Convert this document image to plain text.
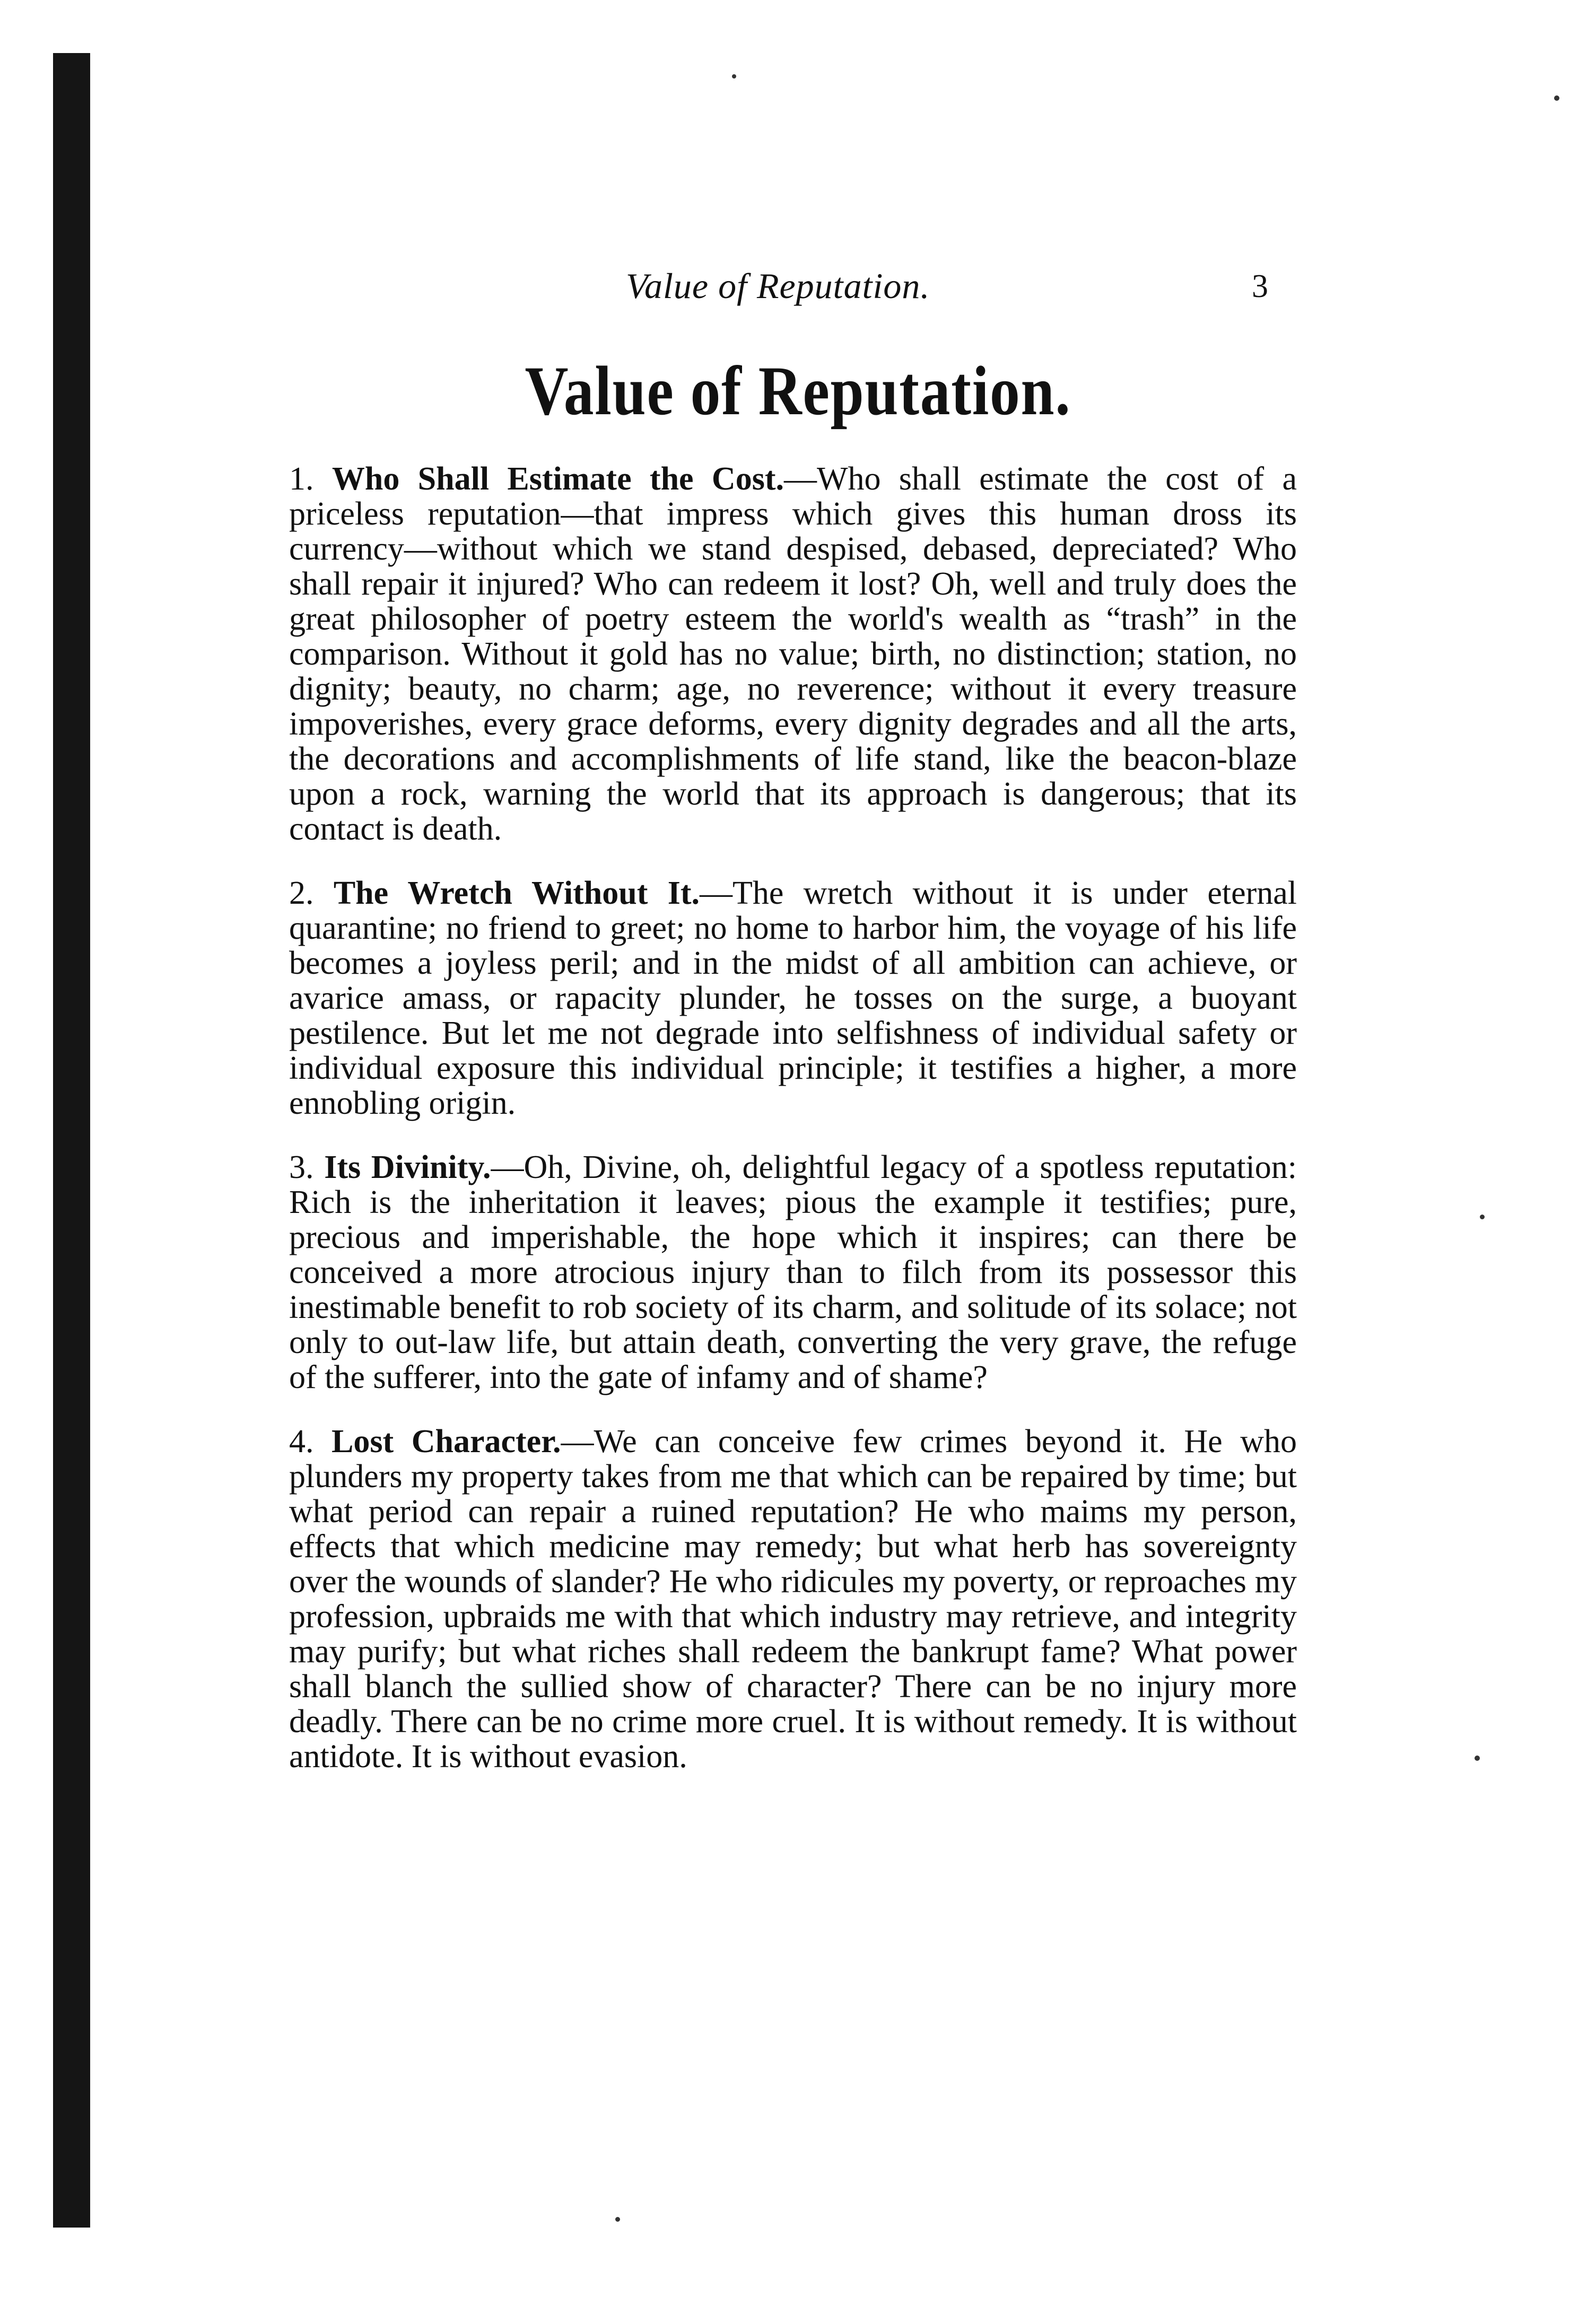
Value of Reputation.	3
Value of Reputation.

1. Who Shall Estimate the Cost.—Who shall estimate the cost of a priceless reputation—that impress which gives this human dross its currency—without which we stand despised, debased, depreciated? Who shall repair it injured? Who can redeem it lost? Oh, well and truly does the great philosopher of poetry esteem the world's wealth as “trash” in the comparison. Without it gold has no value; birth, no distinction; station, no dignity; beauty, no charm; age, no reverence; without it every treasure impoverishes, every grace deforms, every dignity degrades and all the arts, the decorations and accomplishments of life stand, like the beacon-blaze upon a rock, warning the world that its approach is dangerous; that its contact is death.

2. The Wretch Without It.—The wretch without it is under eternal quarantine; no friend to greet; no home to harbor him, the voyage of his life becomes a joyless peril; and in the midst of all ambition can achieve, or avarice amass, or rapacity plunder, he tosses on the surge, a buoyant pestilence. But let me not degrade into selfishness of individual safety or individual exposure this individual principle; it testifies a higher, a more ennobling origin.

3. Its Divinity.—Oh, Divine, oh, delightful legacy of a spotless reputation: Rich is the inheritation it leaves; pious the example it testifies; pure, precious and imperishable, the hope which it inspires; can there be conceived a more atrocious injury than to filch from its possessor this inestimable benefit to rob society of its charm, and solitude of its solace; not only to out-law life, but attain death, converting the very grave, the refuge of the sufferer, into the gate of infamy and of shame?

4. Lost Character.—We can conceive few crimes beyond it. He who plunders my property takes from me that which can be repaired by time; but what period can repair a ruined reputation? He who maims my person, effects that which medicine may remedy; but what herb has sovereignty over the wounds of slander? He who ridicules my poverty, or reproaches my profession, upbraids me with that which industry may retrieve, and integrity may purify; but what riches shall redeem the bankrupt fame? What power shall blanch the sullied show of character? There can be no injury more deadly. There can be no crime more cruel. It is without remedy. It is without antidote. It is without evasion.
